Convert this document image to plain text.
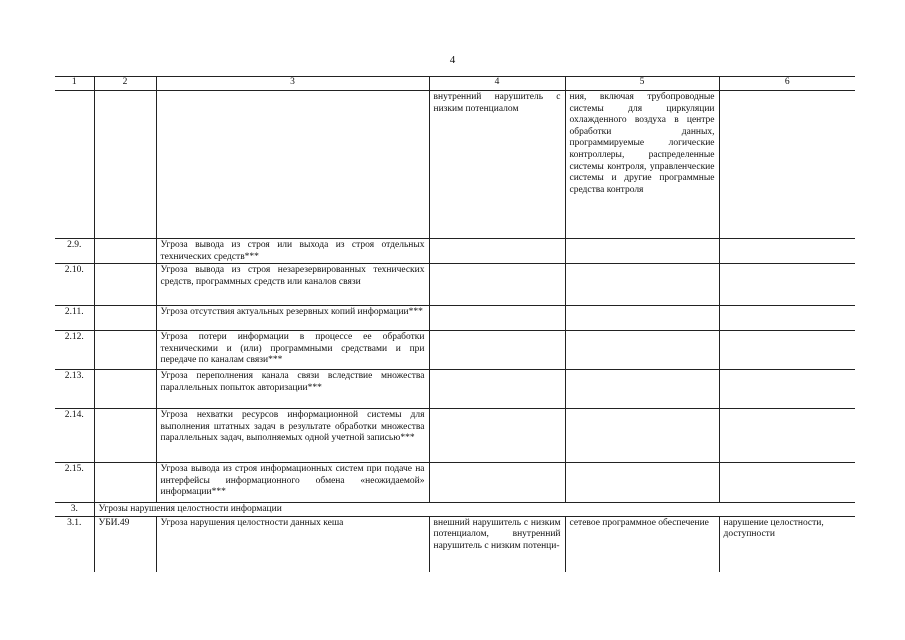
4
1	2	3	4	5	6
			внутренний нарушитель с низким потенциалом	ния, включая трубопроводные системы для циркуляции охлажденного воздуха в центре обработки данных, программируемые логические контроллеры, распределенные системы контроля, управленческие системы и другие программные средства контроля	
2.9.		Угроза вывода из строя или выхода из строя отдельных технических средств***			
2.10.		Угроза вывода из строя незарезервированных технических средств, программных средств или каналов связи			
2.11.		Угроза отсутствия актуальных резервных копий информации***			
2.12.		Угроза потери информации в процессе ее обработки техническими и (или) программными средствами и при передаче по каналам связи***			
2.13.		Угроза переполнения канала связи вследствие множества параллельных попыток авторизации***			
2.14.		Угроза нехватки ресурсов информационной системы для выполнения штатных задач в результате обработки множества параллельных задач, выполняемых одной учетной записью***			
2.15.		Угроза вывода из строя информационных систем при подаче на интерфейсы информационного обмена «неожидаемой» информации***			
3.	Угрозы нарушения целостности информации				
3.1.	УБИ.49	Угроза нарушения целостности данных кеша	внешний нарушитель с низким потенциалом, внутренний нарушитель с низким потенци-	сетевое программное обеспечение	нарушение целостности, доступности
